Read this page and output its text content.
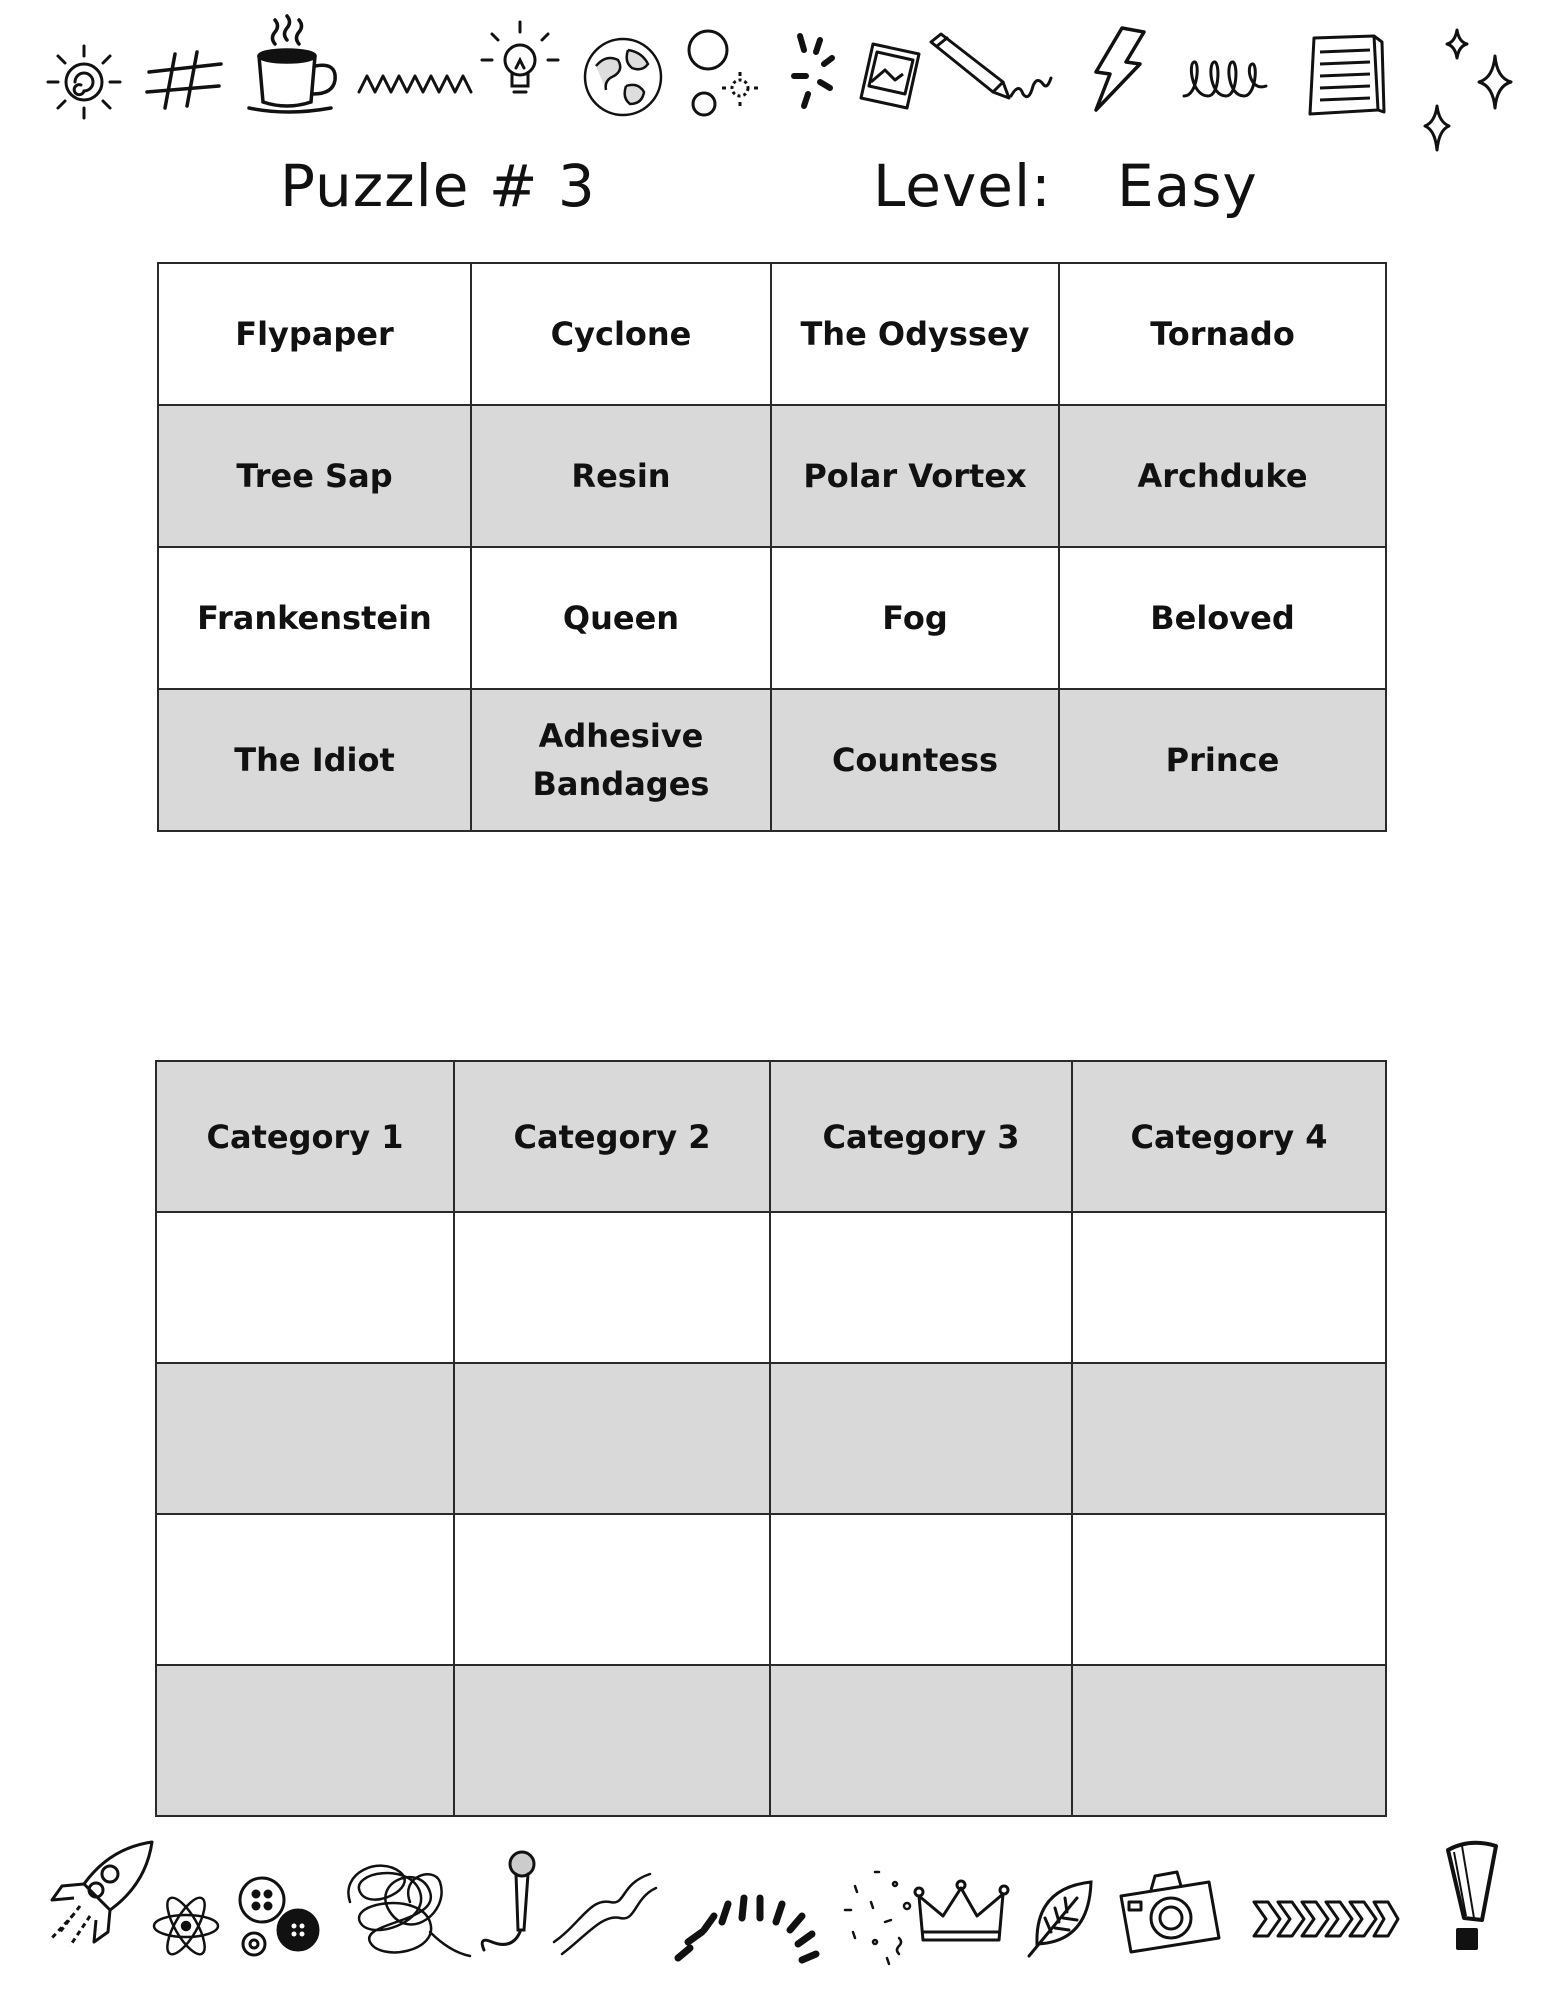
Puzzle # 3	Level: Easy
Flypaper	Cyclone	The Odyssey	Tornado
Tree Sap	Resin	Polar Vortex	Archduke
Frankenstein	Queen	Fog	Beloved
The Idiot	Adhesive Bandages	Countess	Prince
Category 1	Category 2	Category 3	Category 4
